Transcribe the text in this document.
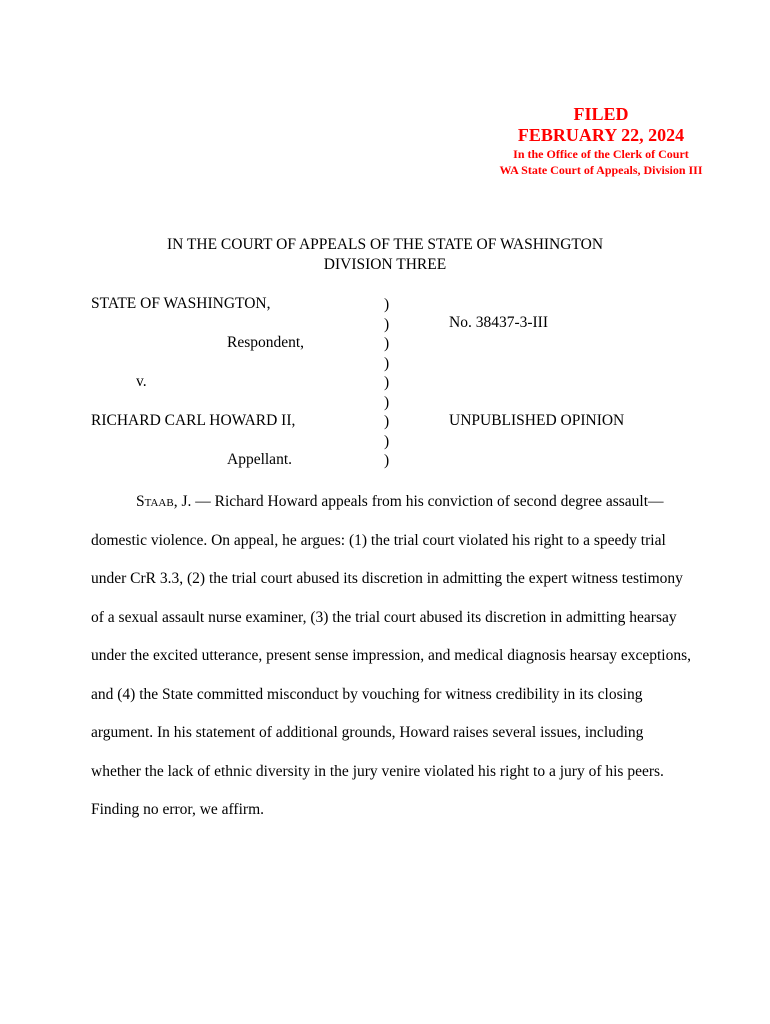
FILED
FEBRUARY 22, 2024
In the Office of the Clerk of Court
WA State Court of Appeals, Division III
IN THE COURT OF APPEALS OF THE STATE OF WASHINGTON
DIVISION THREE
STATE OF WASHINGTON,
Respondent,
v.
RICHARD CARL HOWARD II,
Appellant.
)
)
)
)
)
)
)
)
)
No. 38437-3-III
UNPUBLISHED OPINION

Staab, J. — Richard Howard appeals from his conviction of second degree assault—domestic violence. On appeal, he argues: (1) the trial court violated his right to a speedy trial under CrR 3.3, (2) the trial court abused its discretion in admitting the expert witness testimony of a sexual assault nurse examiner, (3) the trial court abused its discretion in admitting hearsay under the excited utterance, present sense impression, and medical diagnosis hearsay exceptions, and (4) the State committed misconduct by vouching for witness credibility in its closing argument. In his statement of additional grounds, Howard raises several issues, including whether the lack of ethnic diversity in the jury venire violated his right to a jury of his peers. Finding no error, we affirm.
